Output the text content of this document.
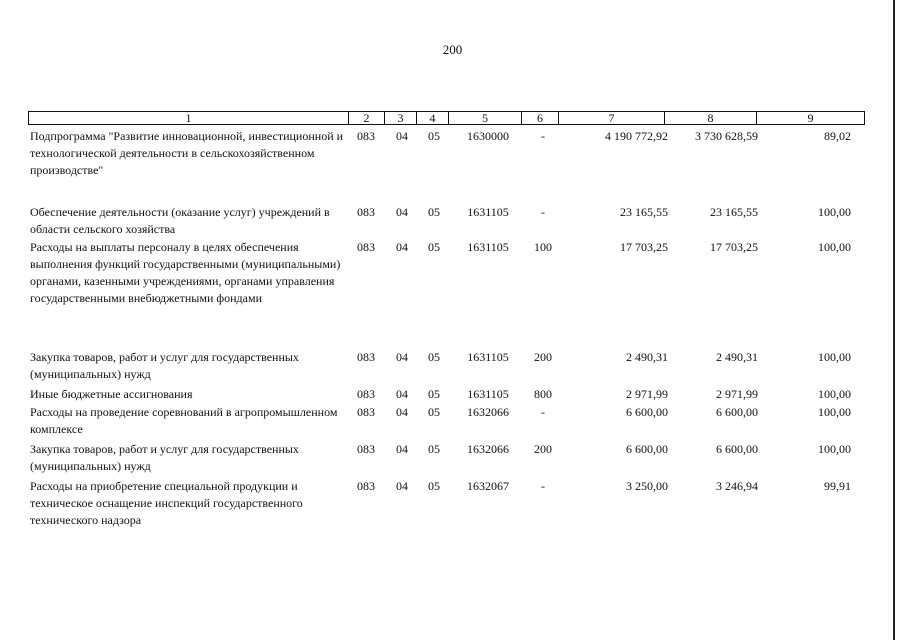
200
1	2	3	4	5	6	7	8	9
Подпрограмма "Развитие инновационной, инвестиционной и технологической деятельности в сельскохозяйственном производстве"
083	04	05	1630000	-	4 190 772,92	3 730 628,59	89,02
Обеспечение деятельности (оказание услуг) учреждений в области сельского хозяйства
083	04	05	1631105	-	23 165,55	23 165,55	100,00
Расходы на выплаты персоналу в целях обеспечения выполнения функций государственными (муниципальными) органами, казенными учреждениями, органами управления государственными внебюджетными фондами
083	04	05	1631105	100	17 703,25	17 703,25	100,00
Закупка товаров, работ и услуг для государственных (муниципальных) нужд
083	04	05	1631105	200	2 490,31	2 490,31	100,00
Иные бюджетные ассигнования	083	04	05	1631105	800	2 971,99	2 971,99	100,00
Расходы на проведение соревнований в агропромышленном комплексе
083	04	05	1632066	-	6 600,00	6 600,00	100,00
Закупка товаров, работ и услуг для государственных (муниципальных) нужд
083	04	05	1632066	200	6 600,00	6 600,00	100,00
Расходы на приобретение специальной продукции и техническое оснащение инспекций государственного технического надзора
083	04	05	1632067	-	3 250,00	3 246,94	99,91
